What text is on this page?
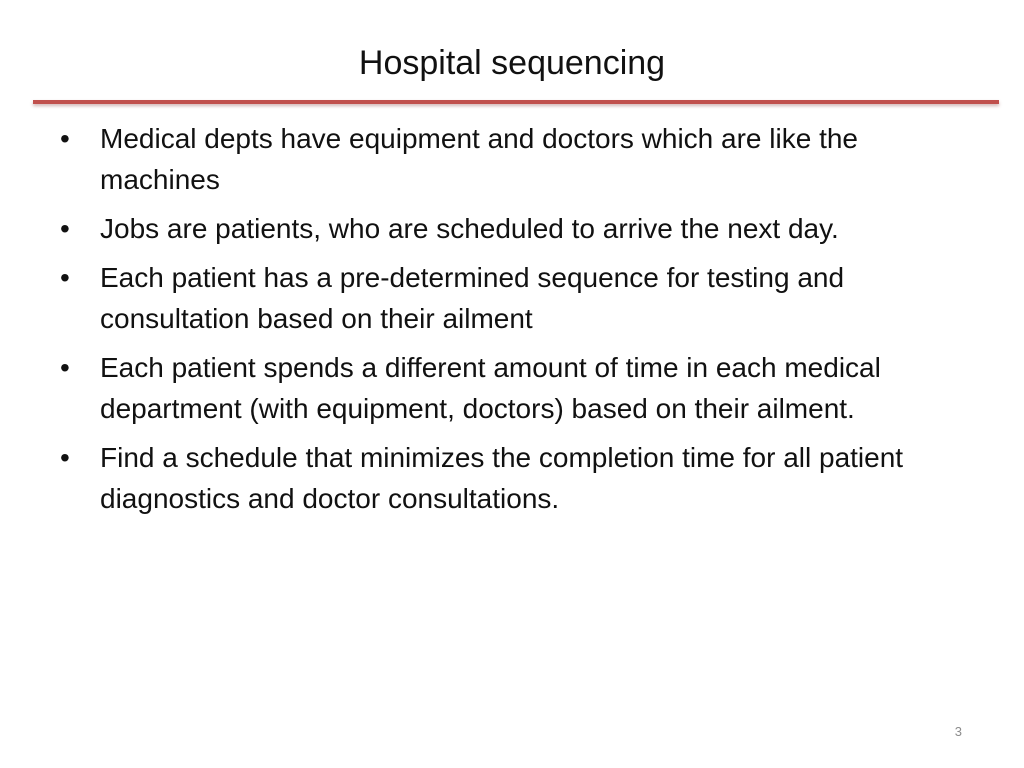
Hospital sequencing
•	Medical depts have equipment and doctors which are like the machines
•	Jobs are patients, who are scheduled to arrive the next day.
•	Each patient has a pre-determined sequence for testing and consultation based on their ailment
•	Each patient spends a different amount of time in each medical department (with equipment, doctors) based on their ailment.
•	Find a schedule that minimizes the completion time for all patient diagnostics and doctor consultations.
3
